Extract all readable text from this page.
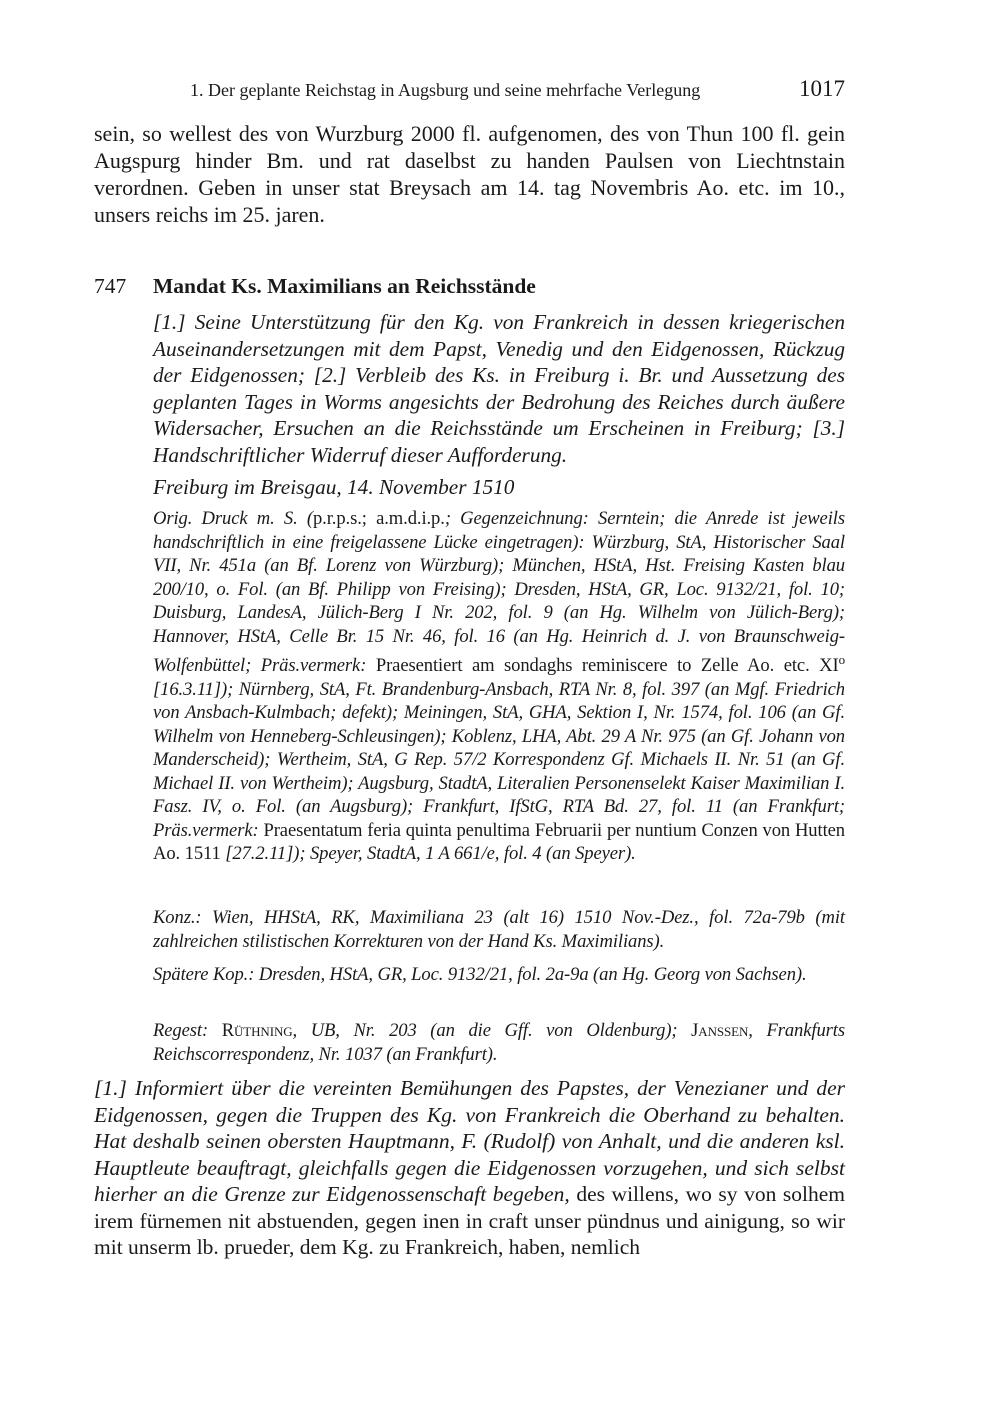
1. Der geplante Reichstag in Augsburg und seine mehrfache Verlegung	1017
sein, so wellest des von Wurzburg 2000 fl. aufgenomen, des von Thun 100 fl. gein Augspurg hinder Bm. und rat daselbst zu handen Paulsen von Liechtnstain verordnen. Geben in unser stat Breysach am 14. tag Novembris Ao. etc. im 10., unsers reichs im 25. jaren.
747 Mandat Ks. Maximilians an Reichsstände
[1.] Seine Unterstützung für den Kg. von Frankreich in dessen kriegerischen Auseinandersetzungen mit dem Papst, Venedig und den Eidgenossen, Rückzug der Eidgenossen; [2.] Verbleib des Ks. in Freiburg i. Br. und Aussetzung des geplanten Tages in Worms angesichts der Bedrohung des Reiches durch äußere Widersacher, Ersuchen an die Reichsstände um Erscheinen in Freiburg; [3.] Handschriftlicher Widerruf dieser Aufforderung.
Freiburg im Breisgau, 14. November 1510
Orig. Druck m. S. (p.r.p.s.; a.m.d.i.p.; Gegenzeichnung: Serntein; die Anrede ist jeweils handschriftlich in eine freigelassene Lücke eingetragen): Würzburg, StA, Historischer Saal VII, Nr. 451a (an Bf. Lorenz von Würzburg); München, HStA, Hst. Freising Kasten blau 200/10, o. Fol. (an Bf. Philipp von Freising); Dresden, HStA, GR, Loc. 9132/21, fol. 10; Duisburg, LandesA, Jülich-Berg I Nr. 202, fol. 9 (an Hg. Wilhelm von Jülich-Berg); Hannover, HStA, Celle Br. 15 Nr. 46, fol. 16 (an Hg. Heinrich d. J. von Braunschweig-Wolfenbüttel; Präs.vermerk: Praesentiert am sondaghs reminiscere to Zelle Ao. etc. $XI^o$ [16.3.11]); Nürnberg, StA, Ft. Brandenburg-Ansbach, RTA Nr. 8, fol. 397 (an Mgf. Friedrich von Ansbach-Kulmbach; defekt); Meiningen, StA, GHA, Sektion I, Nr. 1574, fol. 106 (an Gf. Wilhelm von Henneberg-Schleusingen); Koblenz, LHA, Abt. 29 A Nr. 975 (an Gf. Johann von Manderscheid); Wertheim, StA, G Rep. 57/2 Korrespondenz Gf. Michaels II. Nr. 51 (an Gf. Michael II. von Wertheim); Augsburg, StadtA, Literalien Personenselekt Kaiser Maximilian I. Fasz. IV, o. Fol. (an Augsburg); Frankfurt, IfStG, RTA Bd. 27, fol. 11 (an Frankfurt; Präs.vermerk: Praesentatum feria quinta penultima Februarii per nuntium Conzen von Hutten Ao. 1511 [27.2.11]); Speyer, StadtA, 1 A 661/e, fol. 4 (an Speyer).
Konz.: Wien, HHStA, RK, Maximiliana 23 (alt 16) 1510 Nov.-Dez., fol. 72a-79b (mit zahlreichen stilistischen Korrekturen von der Hand Ks. Maximilians).
Spätere Kop.: Dresden, HStA, GR, Loc. 9132/21, fol. 2a-9a (an Hg. Georg von Sachsen).
Regest: Rüthning, UB, Nr. 203 (an die Gff. von Oldenburg); Janssen, Frankfurts Reichscorrespondenz, Nr. 1037 (an Frankfurt).
[1.] Informiert über die vereinten Bemühungen des Papstes, der Venezianer und der Eidgenossen, gegen die Truppen des Kg. von Frankreich die Oberhand zu behalten. Hat deshalb seinen obersten Hauptmann, F. (Rudolf) von Anhalt, und die anderen ksl. Hauptleute beauftragt, gleichfalls gegen die Eidgenossen vorzugehen, und sich selbst hierher an die Grenze zur Eidgenossenschaft begeben, des willens, wo sy von solhem irem fürnemen nit abstuenden, gegen inen in craft unser pündnus und ainigung, so wir mit unserm lb. prueder, dem Kg. zu Frankreich, haben, nemlich
